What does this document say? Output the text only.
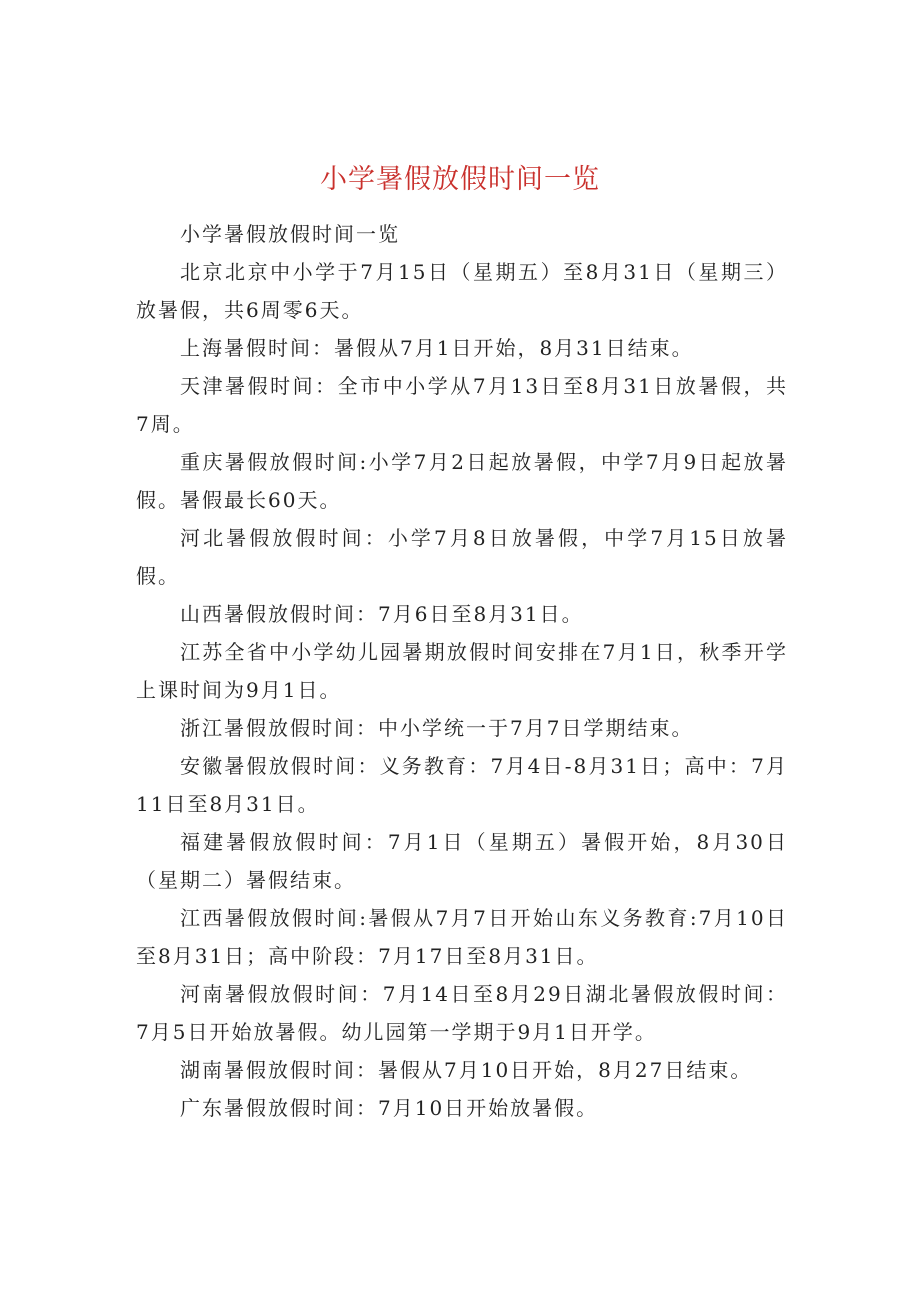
小学暑假放假时间一览

小学暑假放假时间一览

北京北京中小学于7月15日（星期五）至8月31日（星期三）放暑假，共6周零6天。

上海暑假时间：暑假从7月1日开始，8月31日结束。

天津暑假时间：全市中小学从7月13日至8月31日放暑假，共7周。

重庆暑假放假时间:小学7月2日起放暑假，中学7月9日起放暑假。暑假最长60天。

河北暑假放假时间：小学7月8日放暑假，中学7月15日放暑假。

山西暑假放假时间：7月6日至8月31日。

江苏全省中小学幼儿园暑期放假时间安排在7月1日，秋季开学上课时间为9月1日。

浙江暑假放假时间：中小学统一于7月7日学期结束。

安徽暑假放假时间：义务教育：7月4日-8月31日；高中：7月11日至8月31日。

福建暑假放假时间：7月1日（星期五）暑假开始，8月30日（星期二）暑假结束。

江西暑假放假时间:暑假从7月7日开始山东义务教育:7月10日至8月31日；高中阶段：7月17日至8月31日。

河南暑假放假时间：7月14日至8月29日湖北暑假放假时间：7月5日开始放暑假。幼儿园第一学期于9月1日开学。

湖南暑假放假时间：暑假从7月10日开始，8月27日结束。

广东暑假放假时间：7月10日开始放暑假。
